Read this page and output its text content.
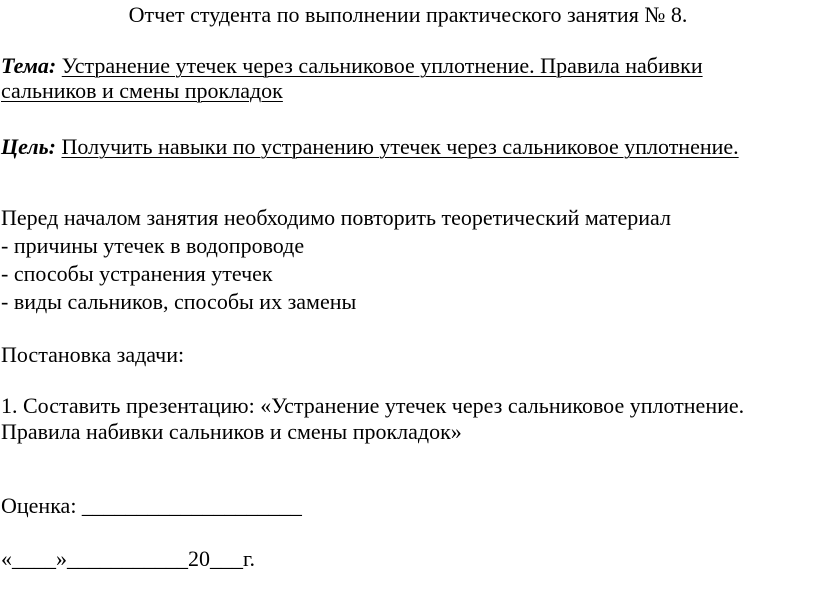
Отчет студента по выполнении практического занятия № 8.
Тема: Устранение утечек через сальниковое уплотнение. Правила набивки
сальников и смены прокладок
Цель: Получить навыки по устранению утечек через сальниковое уплотнение.
Перед началом занятия необходимо повторить теоретический материал
- причины утечек в водопроводе
- способы устранения утечек
- виды сальников, способы их замены
Постановка задачи:
1. Составить презентацию: «Устранение утечек через сальниковое уплотнение.
Правила набивки сальников и смены прокладок»
Оценка: ____________________
«____»___________20___г.
